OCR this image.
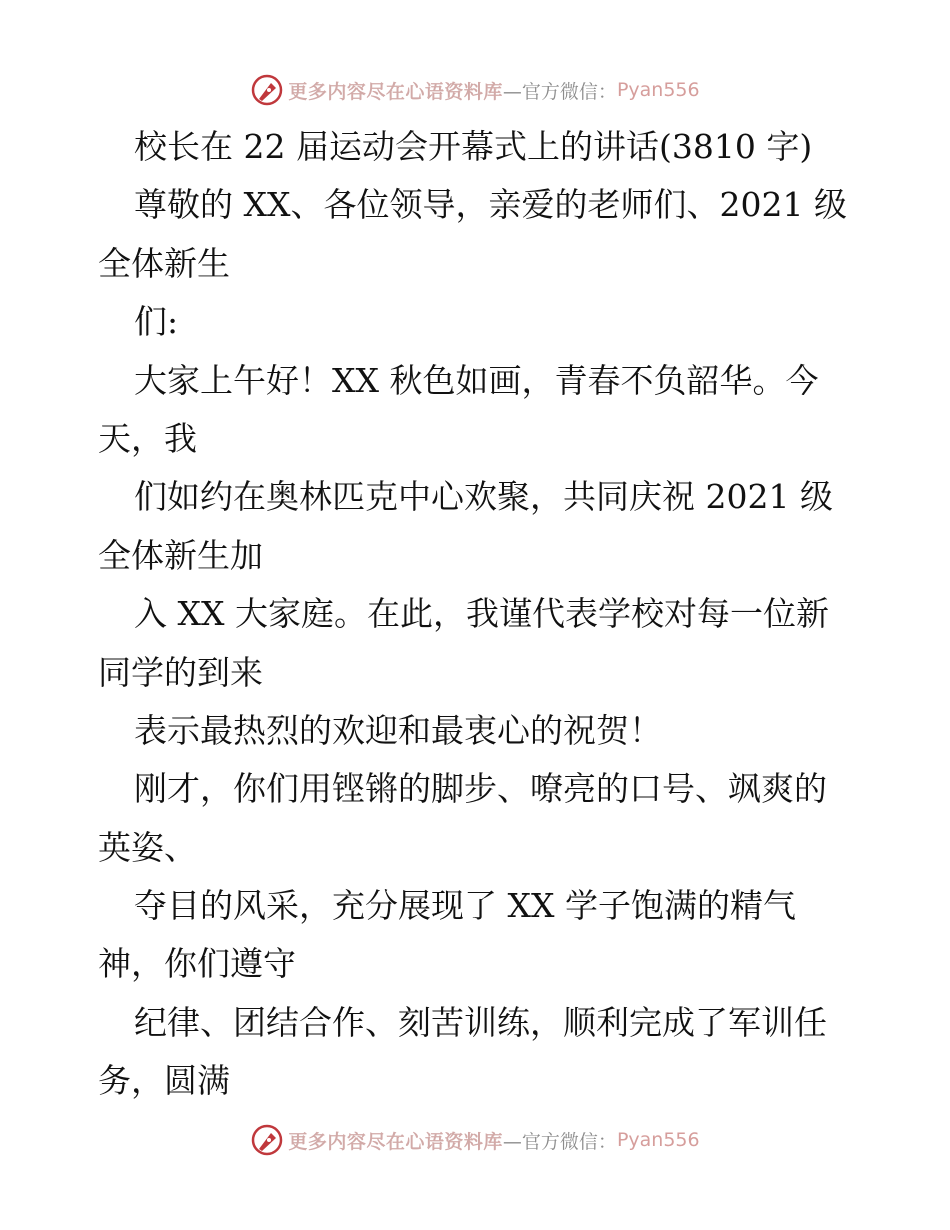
更多内容尽在心语资料库 —官方微信： Pyan556
校长在 22 届运动会开幕式上的讲话(3810 字)
尊敬的 XX、各位领导，亲爱的老师们、2021 级
全体新生
们:
大家上午好！XX 秋色如画，青春不负韶华。今
天，我
们如约在奥林匹克中心欢聚，共同庆祝 2021 级
全体新生加
入 XX 大家庭。在此，我谨代表学校对每一位新
同学的到来
表示最热烈的欢迎和最衷心的祝贺！
刚才，你们用铿锵的脚步、嘹亮的口号、飒爽的
英姿、
夺目的风采，充分展现了 XX 学子饱满的精气
神，你们遵守
纪律、团结合作、刻苦训练，顺利完成了军训任
务，圆满
更多内容尽在心语资料库 —官方微信： Pyan556
